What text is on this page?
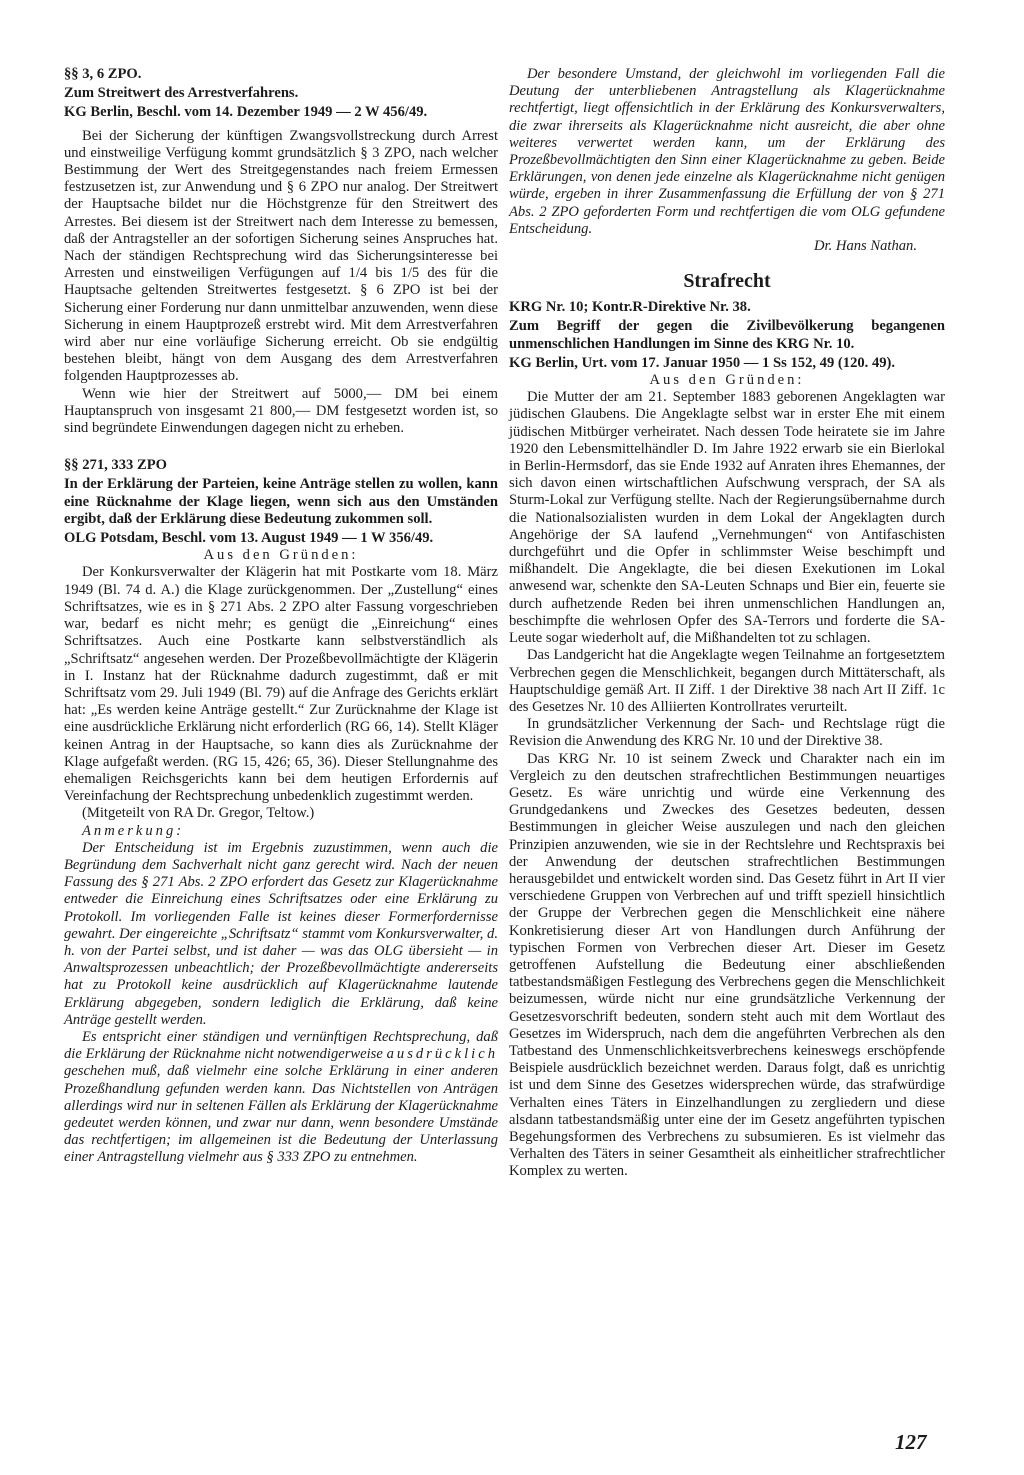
§§ 3, 6 ZPO.

Zum Streitwert des Arrestverfahrens.

KG Berlin, Beschl. vom 14. Dezember 1949 — 2 W 456/49.

Bei der Sicherung der künftigen Zwangsvollstreckung durch Arrest und einstweilige Verfügung kommt grundsätzlich § 3 ZPO, nach welcher Bestimmung der Wert des Streitgegenstandes nach freiem Ermessen festzusetzen ist, zur Anwendung und § 6 ZPO nur analog. Der Streitwert der Hauptsache bildet nur die Höchstgrenze für den Streitwert des Arrestes. Bei diesem ist der Streitwert nach dem Interesse zu bemessen, daß der Antragsteller an der sofortigen Sicherung seines Anspruches hat. Nach der ständigen Rechtsprechung wird das Sicherungsinteresse bei Arresten und einstweiligen Verfügungen auf 1/4 bis 1/5 des für die Hauptsache geltenden Streitwertes festgesetzt. § 6 ZPO ist bei der Sicherung einer Forderung nur dann unmittelbar anzuwenden, wenn diese Sicherung in einem Hauptprozeß erstrebt wird. Mit dem Arrestverfahren wird aber nur eine vorläufige Sicherung erreicht. Ob sie endgültig bestehen bleibt, hängt von dem Ausgang des dem Arrestverfahren folgenden Hauptprozesses ab.

Wenn wie hier der Streitwert auf 5000,— DM bei einem Hauptanspruch von insgesamt 21 800,— DM festgesetzt worden ist, so sind begründete Einwendungen dagegen nicht zu erheben.

§§ 271, 333 ZPO

In der Erklärung der Parteien, keine Anträge stellen zu wollen, kann eine Rücknahme der Klage liegen, wenn sich aus den Umständen ergibt, daß der Erklärung diese Bedeutung zukommen soll.

OLG Potsdam, Beschl. vom 13. August 1949 — 1 W 356/49.

Aus den Gründen:

Der Konkursverwalter der Klägerin hat mit Postkarte vom 18. März 1949 (Bl. 74 d. A.) die Klage zurückgenommen. Der „Zustellung“ eines Schriftsatzes, wie es in § 271 Abs. 2 ZPO alter Fassung vorgeschrieben war, bedarf es nicht mehr; es genügt die „Einreichung“ eines Schriftsatzes. Auch eine Postkarte kann selbstverständlich als „Schriftsatz“ angesehen werden. Der Prozeßbevollmächtigte der Klägerin in I. Instanz hat der Rücknahme dadurch zugestimmt, daß er mit Schriftsatz vom 29. Juli 1949 (Bl. 79) auf die Anfrage des Gerichts erklärt hat: „Es werden keine Anträge gestellt.“ Zur Zurücknahme der Klage ist eine ausdrückliche Erklärung nicht erforderlich (RG 66, 14). Stellt Kläger keinen Antrag in der Hauptsache, so kann dies als Zurücknahme der Klage aufgefaßt werden. (RG 15, 426; 65, 36). Dieser Stellungnahme des ehemaligen Reichsgerichts kann bei dem heutigen Erfordernis auf Vereinfachung der Rechtsprechung unbedenklich zugestimmt werden.

(Mitgeteilt von RA Dr. Gregor, Teltow.)

Anmerkung:

Der Entscheidung ist im Ergebnis zuzustimmen, wenn auch die Begründung dem Sachverhalt nicht ganz gerecht wird. Nach der neuen Fassung des § 271 Abs. 2 ZPO erfordert das Gesetz zur Klagerücknahme entweder die Einreichung eines Schriftsatzes oder eine Erklärung zu Protokoll. Im vorliegenden Falle ist keines dieser Formerfordernisse gewahrt. Der eingereichte „Schriftsatz“ stammt vom Konkursverwalter, d. h. von der Partei selbst, und ist daher — was das OLG übersieht — in Anwaltsprozessen unbeachtlich; der Prozeßbevollmächtigte andererseits hat zu Protokoll keine ausdrücklich auf Klagerücknahme lautende Erklärung abgegeben, sondern lediglich die Erklärung, daß keine Anträge gestellt werden.

Es entspricht einer ständigen und vernünftigen Rechtsprechung, daß die Erklärung der Rücknahme nicht notwendigerweise ausdrücklich geschehen muß, daß vielmehr eine solche Erklärung in einer anderen Prozeßhandlung gefunden werden kann. Das Nichtstellen von Anträgen allerdings wird nur in seltenen Fällen als Erklärung der Klagerücknahme gedeutet werden können, und zwar nur dann, wenn besondere Umstände das rechtfertigen; im allgemeinen ist die Bedeutung der Unterlassung einer Antragstellung vielmehr aus § 333 ZPO zu entnehmen.

Der besondere Umstand, der gleichwohl im vorliegenden Fall die Deutung der unterbliebenen Antragstellung als Klagerücknahme rechtfertigt, liegt offensichtlich in der Erklärung des Konkursverwalters, die zwar ihrerseits als Klagerücknahme nicht ausreicht, die aber ohne weiteres verwertet werden kann, um der Erklärung des Prozeßbevollmächtigten den Sinn einer Klagerücknahme zu geben. Beide Erklärungen, von denen jede einzelne als Klagerücknahme nicht genügen würde, ergeben in ihrer Zusammenfassung die Erfüllung der von § 271 Abs. 2 ZPO geforderten Form und rechtfertigen die vom OLG gefundene Entscheidung.

Dr. Hans Nathan.

Strafrecht

KRG Nr. 10; Kontr.R-Direktive Nr. 38.

Zum Begriff der gegen die Zivilbevölkerung begangenen unmenschlichen Handlungen im Sinne des KRG Nr. 10.

KG Berlin, Urt. vom 17. Januar 1950 — 1 Ss 152, 49 (120. 49).

Aus den Gründen:

Die Mutter der am 21. September 1883 geborenen Angeklagten war jüdischen Glaubens. Die Angeklagte selbst war in erster Ehe mit einem jüdischen Mitbürger verheiratet. Nach dessen Tode heiratete sie im Jahre 1920 den Lebensmittelhändler D. Im Jahre 1922 erwarb sie ein Bierlokal in Berlin-Hermsdorf, das sie Ende 1932 auf Anraten ihres Ehemannes, der sich davon einen wirtschaftlichen Aufschwung versprach, der SA als Sturm-Lokal zur Verfügung stellte. Nach der Regierungsübernahme durch die Nationalsozialisten wurden in dem Lokal der Angeklagten durch Angehörige der SA laufend „Vernehmungen“ von Antifaschisten durchgeführt und die Opfer in schlimmster Weise beschimpft und mißhandelt. Die Angeklagte, die bei diesen Exekutionen im Lokal anwesend war, schenkte den SA-Leuten Schnaps und Bier ein, feuerte sie durch aufhetzende Reden bei ihren unmenschlichen Handlungen an, beschimpfte die wehrlosen Opfer des SA-Terrors und forderte die SA-Leute sogar wiederholt auf, die Mißhandelten tot zu schlagen.

Das Landgericht hat die Angeklagte wegen Teilnahme an fortgesetztem Verbrechen gegen die Menschlichkeit, begangen durch Mittäterschaft, als Hauptschuldige gemäß Art. II Ziff. 1 der Direktive 38 nach Art II Ziff. 1c des Gesetzes Nr. 10 des Alliierten Kontrollrates verurteilt.

In grundsätzlicher Verkennung der Sach- und Rechtslage rügt die Revision die Anwendung des KRG Nr. 10 und der Direktive 38.

Das KRG Nr. 10 ist seinem Zweck und Charakter nach ein im Vergleich zu den deutschen strafrechtlichen Bestimmungen neuartiges Gesetz. Es wäre unrichtig und würde eine Verkennung des Grundgedankens und Zweckes des Gesetzes bedeuten, dessen Bestimmungen in gleicher Weise auszulegen und nach den gleichen Prinzipien anzuwenden, wie sie in der Rechtslehre und Rechtspraxis bei der Anwendung der deutschen strafrechtlichen Bestimmungen herausgebildet und entwickelt worden sind. Das Gesetz führt in Art II vier verschiedene Gruppen von Verbrechen auf und trifft speziell hinsichtlich der Gruppe der Verbrechen gegen die Menschlichkeit eine nähere Konkretisierung dieser Art von Handlungen durch Anführung der typischen Formen von Verbrechen dieser Art. Dieser im Gesetz getroffenen Aufstellung die Bedeutung einer abschließenden tatbestandsmäßigen Festlegung des Verbrechens gegen die Menschlichkeit beizumessen, würde nicht nur eine grundsätzliche Verkennung der Gesetzesvorschrift bedeuten, sondern steht auch mit dem Wortlaut des Gesetzes im Widerspruch, nach dem die angeführten Verbrechen als den Tatbestand des Unmenschlichkeitsverbrechens keineswegs erschöpfende Beispiele ausdrücklich bezeichnet werden. Daraus folgt, daß es unrichtig ist und dem Sinne des Gesetzes widersprechen würde, das strafwürdige Verhalten eines Täters in Einzelhandlungen zu zergliedern und diese alsdann tatbestandsmäßig unter eine der im Gesetz angeführten typischen Begehungsformen des Verbrechens zu subsumieren. Es ist vielmehr das Verhalten des Täters in seiner Gesamtheit als einheitlicher strafrechtlicher Komplex zu werten.

127
